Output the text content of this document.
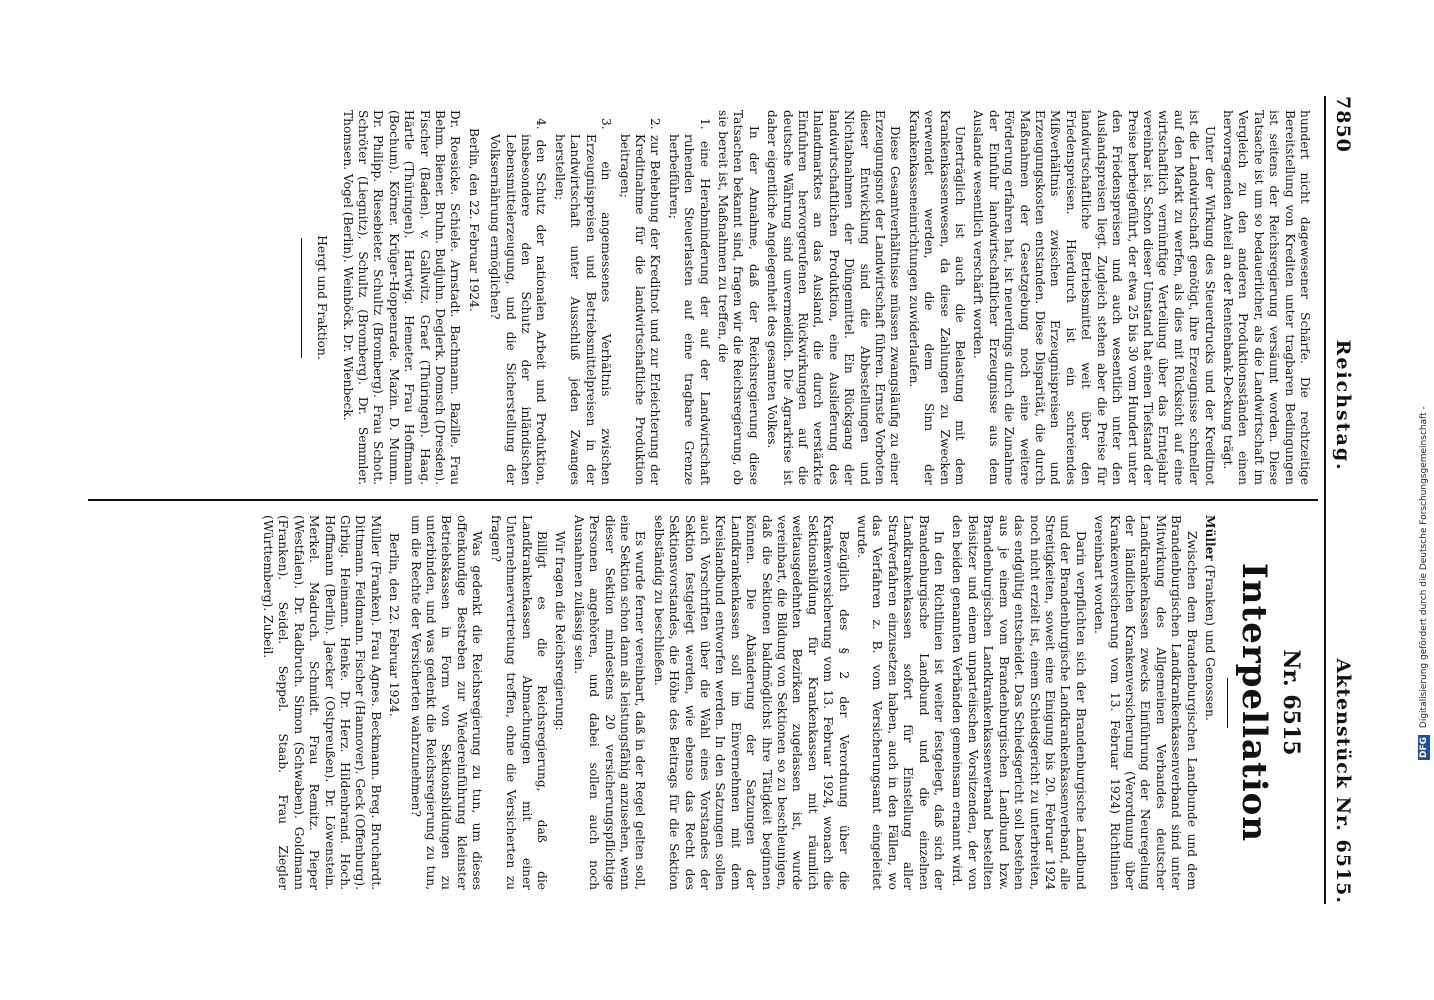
7850
Reichstag.
Aktenstück Nr. 6515.

hundert nicht dagewesener Schärfe. Die rechtzeitige Bereitstellung von Krediten unter tragbaren Bedingungen ist seitens der Reichsregierung versäumt worden. Diese Tatsache ist um so bedauerlicher, als die Landwirtschaft im Vergleich zu den anderen Produktionsständen einen hervorragenden Anteil an der Rentenbank-Deckung trägt.

Unter der Wirkung des Steuerdrucks und der Kreditnot ist die Landwirtschaft genötigt, ihre Erzeugnisse schneller auf den Markt zu werfen, als dies mit Rücksicht auf eine wirtschaftlich vernünftige Verteilung über das Erntejahr vereinbar ist. Schon dieser Umstand hat einen Tiefstand der Preise herbeigeführt, der etwa 25 bis 30 vom Hundert unter den Friedenspreisen und auch wesentlich unter den Auslandspreisen liegt. Zugleich stehen aber die Preise für landwirtschaftliche Betriebsmittel weit über den Friedenspreisen. Hierdurch ist ein schreiendes Mißverhältnis zwischen Erzeugnispreisen und Erzeugungskosten entstanden. Diese Disparität, die durch Maßnahmen der Gesetzgebung noch eine weitere Förderung erfahren hat, ist neuerdings durch die Zunahme der Einfuhr landwirtschaftlicher Erzeugnisse aus dem Auslande wesentlich verschärft worden.

Unerträglich ist auch die Belastung mit dem Krankenkassenwesen, da diese Zahlungen zu Zwecken verwendet werden, die dem Sinn der Krankenkasseneinrichtungen zuwiderlaufen.

Diese Gesamtverhältnisse müssen zwangsläufig zu einer Erzeugungsnot der Landwirtschaft führen. Ernste Vorboten dieser Entwicklung sind die Abbestellungen und Nichtabnahmen der Düngemittel. Ein Rückgang der landwirtschaftlichen Produktion, eine Auslieferung des Inlandmarktes an das Ausland, die durch verstärkte Einfuhren hervorgerufenen Rückwirkungen auf die deutsche Währung sind unvermeidlich. Die Agrarkrise ist daher eigentliche Angelegenheit des gesamten Volkes.

In der Annahme, daß der Reichsregierung diese Tatsachen bekannt sind, fragen wir die Reichsregierung, ob sie bereit ist, Maßnahmen zu treffen, die

1. eine Herabminderung der auf der Landwirtschaft ruhenden Steuerlasten auf eine tragbare Grenze herbeiführen;

2. zur Behebung der Kreditnot und zur Erleichterung der Kreditnahme für die landwirtschaftliche Produktion beitragen;

3. ein angemessenes Verhältnis zwischen Erzeugnispreisen und Betriebsmittelpreisen in der Landwirtschaft unter Ausschluß jeden Zwanges herstellen;

4. den Schutz der nationalen Arbeit und Produktion, insbesondere den Schutz der inländischen Lebensmittelerzeugung, und die Sicherstellung der Volksernährung ermöglichen?

Berlin, den 22. Februar 1924.

Dr. Roesicke. Schiele. Arnstadt. Bachmann. Bazille. Frau Behm. Biener. Bruhn. Budjuhn. Deglerk. Domsch (Dresden). Fischer (Baden). v. Gallwitz. Graef (Thüringen). Haag. Härtle (Thüringen). Hartwig. Hemeter. Frau Hoffmann (Bochum). Körner. Krüger-Hoppenrade. Mazin. D. Mumm. Dr. Philipp. Riesebieter. Schultz (Bromberg). Frau Schott. Schröter (Liegnitz). Schultz (Bromberg). Dr. Semmler. Thomsen. Vogel (Berlin). Weinböck. Dr. Wienbeck.

Hergt und Fraktion.

Nr. 6515
Interpellation

Müller (Franken) und Genossen.

Zwischen dem Brandenburgischen Landbunde und dem Brandenburgischen Landkrankenkassenverband sind unter Mitwirkung des Allgemeinen Verbandes deutscher Landkrankenkassen zwecks Einführung der Neuregelung der ländlichen Krankenversicherung (Verordnung über Krankenversicherung vom 13. Februar 1924) Richtlinien vereinbart worden.

Darin verpflichten sich der Brandenburgische Landbund und der Brandenburgische Landkrankenkassenverband, alle Streitigkeiten, soweit eine Einigung bis 20. Februar 1924 noch nicht erzielt ist, einem Schiedsgericht zu unterbreiten, das endgültig entscheidet. Das Schiedsgericht soll bestehen aus je einem vom Brandenburgischen Landbund bzw. Brandenburgischen Landkrankenkassenverband bestellten Beisitzer und einem unparteiischen Vorsitzenden, der von den beiden genannten Verbänden gemeinsam ernannt wird.

In den Richtlinien ist weiter festgelegt, daß sich der Brandenburgische Landbund und die einzelnen Landkrankenkassen sofort für Einstellung aller Strafverfahren einzusetzen haben, auch in den Fällen, wo das Verfahren z. B. vom Versicherungsamt eingeleitet wurde.

Bezüglich des § 2 der Verordnung über die Krankenversicherung vom 13. Februar 1924, wonach die Sektionsbildung für Krankenkassen mit räumlich weitausgedehnten Bezirken zugelassen ist, wurde vereinbart, die Bildung von Sektionen so zu beschleunigen, daß die Sektionen baldmöglichst ihre Tätigkeit beginnen können. Die Abänderung der Satzungen der Landkrankenkassen soll im Einvernehmen mit dem Kreislandbund entworfen werden. In den Satzungen sollen auch Vorschriften über die Wahl eines Vorstandes der Sektion festgelegt werden, wie ebenso das Recht des Sektionsvorstandes, die Höhe des Beitrags für die Sektion selbständig zu beschließen.

Es wurde ferner vereinbart, daß in der Regel gelten soll, eine Sektion schon dann als leistungsfähig anzusehen, wenn dieser Sektion mindestens 20 versicherungspflichtige Personen angehören, und dabei sollen auch noch Ausnahmen zulässig sein.

Wir fragen die Reichsregierung:

Billigt es die Reichsregierung, daß die Landkrankenkassen Abmachungen mit einer Unternehmervertretung treffen, ohne die Versicherten zu fragen?

Was gedenkt die Reichsregierung zu tun, um dieses offenkundige Bestreben zur Wiedereinführung kleinster Betriebskassen in Form von Sektionsbildungen zu unterbinden, und was gedenkt die Reichsregierung zu tun, um die Rechte der Versicherten wahrzunehmen?

Berlin, den 22. Februar 1924.

Müller (Franken). Frau Agnes. Beckmann. Breg. Bruchardt. Dittmann. Feldmann. Fischer (Hannover). Geck (Offenburg). Girbig. Heimann. Henke. Dr. Herz. Hildenbrand. Hoch. Hoffmann (Berlin). Jaecker (Ostpreußen). Dr. Löwenstein. Merkel. Madruch. Schmidt. Frau Remitz. Pieper (Westfalen). Dr. Radbruch. Simon (Schwaben). Goldmann (Franken). Seidel. Seppel. Staab. Frau Ziegler (Württemberg). Zubeil.

DFG Digitalisierung gefördert durch die Deutsche Forschungsgemeinschaft -
